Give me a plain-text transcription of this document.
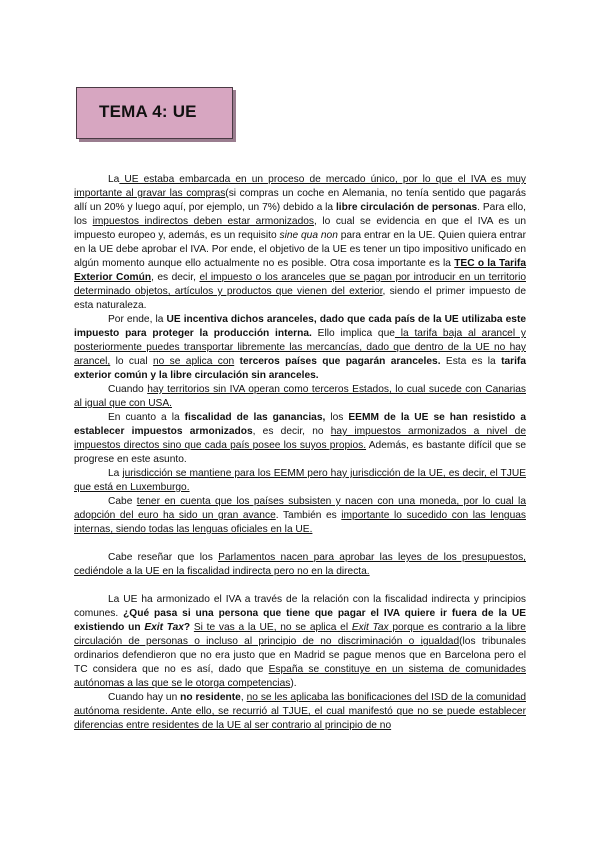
TEMA 4: UE

La UE estaba embarcada en un proceso de mercado único, por lo que el IVA es muy importante al gravar las compras(si compras un coche en Alemania, no tenía sentido que pagarás allí un 20% y luego aquí, por ejemplo, un 7%) debido a la libre circulación de personas. Para ello, los impuestos indirectos deben estar armonizados, lo cual se evidencia en que el IVA es un impuesto europeo y, además, es un requisito sine qua non para entrar en la UE. Quien quiera entrar en la UE debe aprobar el IVA. Por ende, el objetivo de la UE es tener un tipo impositivo unificado en algún momento aunque ello actualmente no es posible. Otra cosa importante es la TEC o la Tarifa Exterior Común, es decir, el impuesto o los aranceles que se pagan por introducir en un territorio determinado objetos, artículos y productos que vienen del exterior, siendo el primer impuesto de esta naturaleza.

Por ende, la UE incentiva dichos aranceles, dado que cada país de la UE utilizaba este impuesto para proteger la producción interna. Ello implica que la tarifa baja al arancel y posteriormente puedes transportar libremente las mercancías, dado que dentro de la UE no hay arancel, lo cual no se aplica con terceros países que pagarán aranceles. Esta es la tarifa exterior común y la libre circulación sin aranceles.

Cuando hay territorios sin IVA operan como terceros Estados, lo cual sucede con Canarias al igual que con USA.

En cuanto a la fiscalidad de las ganancias, los EEMM de la UE se han resistido a establecer impuestos armonizados, es decir, no hay impuestos armonizados a nivel de impuestos directos sino que cada país posee los suyos propios. Además, es bastante difícil que se progrese en este asunto.

La jurisdicción se mantiene para los EEMM pero hay jurisdicción de la UE, es decir, el TJUE que está en Luxemburgo.

Cabe tener en cuenta que los países subsisten y nacen con una moneda, por lo cual la adopción del euro ha sido un gran avance. También es importante lo sucedido con las lenguas internas, siendo todas las lenguas oficiales en la UE.

Cabe reseñar que los Parlamentos nacen para aprobar las leyes de los presupuestos, cediéndole a la UE en la fiscalidad indirecta pero no en la directa.

La UE ha armonizado el IVA a través de la relación con la fiscalidad indirecta y principios comunes. ¿Qué pasa si una persona que tiene que pagar el IVA quiere ir fuera de la UE existiendo un Exit Tax? Si te vas a la UE, no se aplica el Exit Tax porque es contrario a la libre circulación de personas o incluso al principio de no discriminación o igualdad(los tribunales ordinarios defendieron que no era justo que en Madrid se pague menos que en Barcelona pero el TC considera que no es así, dado que España se constituye en un sistema de comunidades autónomas a las que se le otorga competencias).

Cuando hay un no residente, no se les aplicaba las bonificaciones del ISD de la comunidad autónoma residente. Ante ello, se recurrió al TJUE, el cual manifestó que no se puede establecer diferencias entre residentes de la UE al ser contrario al principio de no
